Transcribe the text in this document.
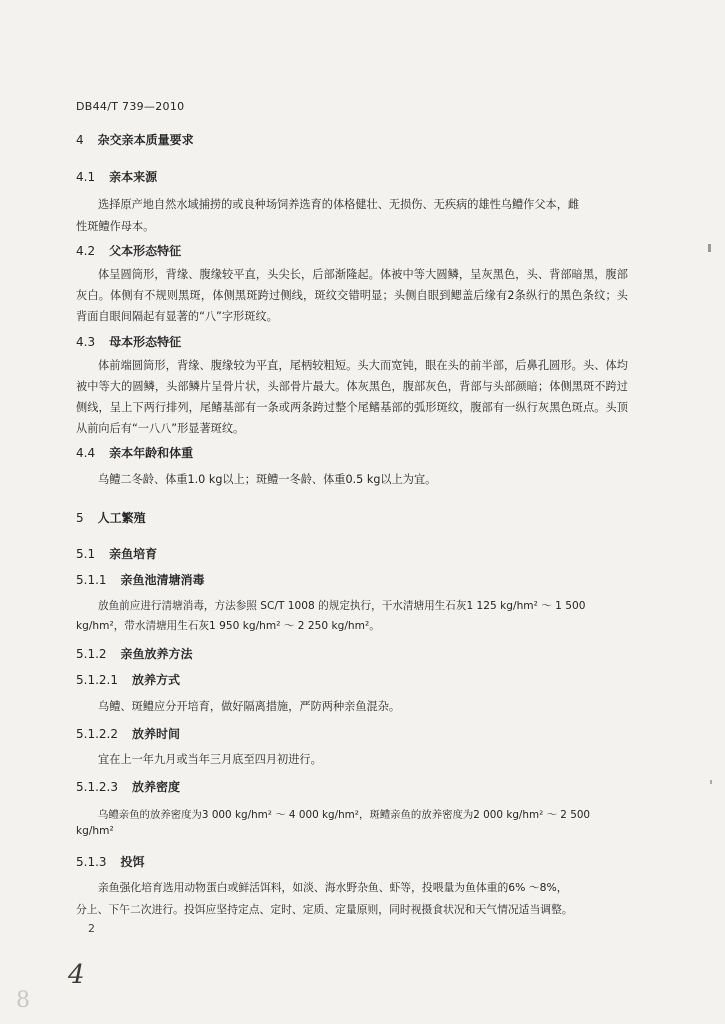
DB44/T 739—2010

4 杂交亲本质量要求

4.1 亲本来源

选择原产地自然水域捕捞的或良种场饲养选育的体格健壮、无损伤、无疾病的雄性乌鳢作父本，雌

性斑鳢作母本。

4.2 父本形态特征

体呈圆筒形，背缘、腹缘较平直，头尖长，后部渐隆起。体被中等大圆鳞，呈灰黑色，头、背部暗黑，腹部灰白。体侧有不规则黑斑，体侧黑斑跨过侧线，斑纹交错明显；头侧自眼到鳃盖后缘有2条纵行的黑色条纹；头背面自眼间隔起有显著的“八”字形斑纹。

4.3 母本形态特征

体前端圆筒形，背缘、腹缘较为平直，尾柄较粗短。头大而宽钝，眼在头的前半部，后鼻孔圆形。头、体均被中等大的圆鳞，头部鳞片呈骨片状，头部骨片最大。体灰黑色，腹部灰色，背部与头部颜暗；体侧黑斑不跨过侧线，呈上下两行排列，尾鳍基部有一条或两条跨过整个尾鳍基部的弧形斑纹，腹部有一纵行灰黑色斑点。头顶从前向后有“一八八”形显著斑纹。

4.4 亲本年龄和体重

乌鳢二冬龄、体重1.0 kg以上；斑鳢一冬龄、体重0.5 kg以上为宜。

5 人工繁殖

5.1 亲鱼培育

5.1.1 亲鱼池清塘消毒

放鱼前应进行清塘消毒，方法参照 SC/T 1008 的规定执行，干水清塘用生石灰1 125 kg/hm² ～ 1 500

kg/hm²，带水清塘用生石灰1 950 kg/hm² ～ 2 250 kg/hm²。

5.1.2 亲鱼放养方法

5.1.2.1 放养方式

乌鳢、斑鳢应分开培育，做好隔离措施，严防两种亲鱼混杂。

5.1.2.2 放养时间

宜在上一年九月或当年三月底至四月初进行。

5.1.2.3 放养密度

乌鳢亲鱼的放养密度为3 000 kg/hm² ～ 4 000 kg/hm²，斑鳢亲鱼的放养密度为2 000 kg/hm² ～ 2 500

kg/hm²

5.1.3 投饵

亲鱼强化培育选用动物蛋白或鲜活饵料，如淡、海水野杂鱼、虾等，投喂量为鱼体重的6% ～8%，

分上、下午二次进行。投饵应坚持定点、定时、定质、定量原则，同时视摄食状况和天气情况适当调整。

2

4

8
